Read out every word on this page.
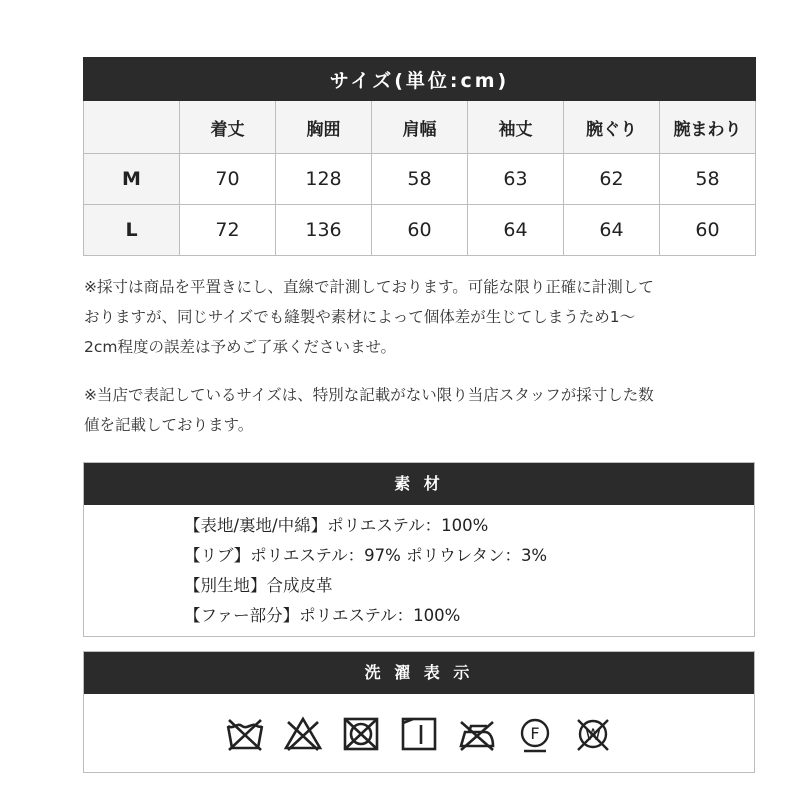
サイズ(単位:cm)						
	着丈	胸囲	肩幅	袖丈	腕ぐり	腕まわり
M	70	128	58	63	62	58
L	72	136	60	64	64	60
※採寸は商品を平置きにし、直線で計測しております。可能な限り正確に計測して
おりますが、同じサイズでも縫製や素材によって個体差が生じてしまうため1～
2cm程度の誤差は予めご了承くださいませ。
※当店で表記しているサイズは、特別な記載がない限り当店スタッフが採寸した数
値を記載しております。
素 材
【表地/裏地/中綿】ポリエステル：100%
【リブ】ポリエステル：97% ポリウレタン：3%
【別生地】合成皮革
【ファー部分】ポリエステル：100%
洗 濯 表 示
F	W
